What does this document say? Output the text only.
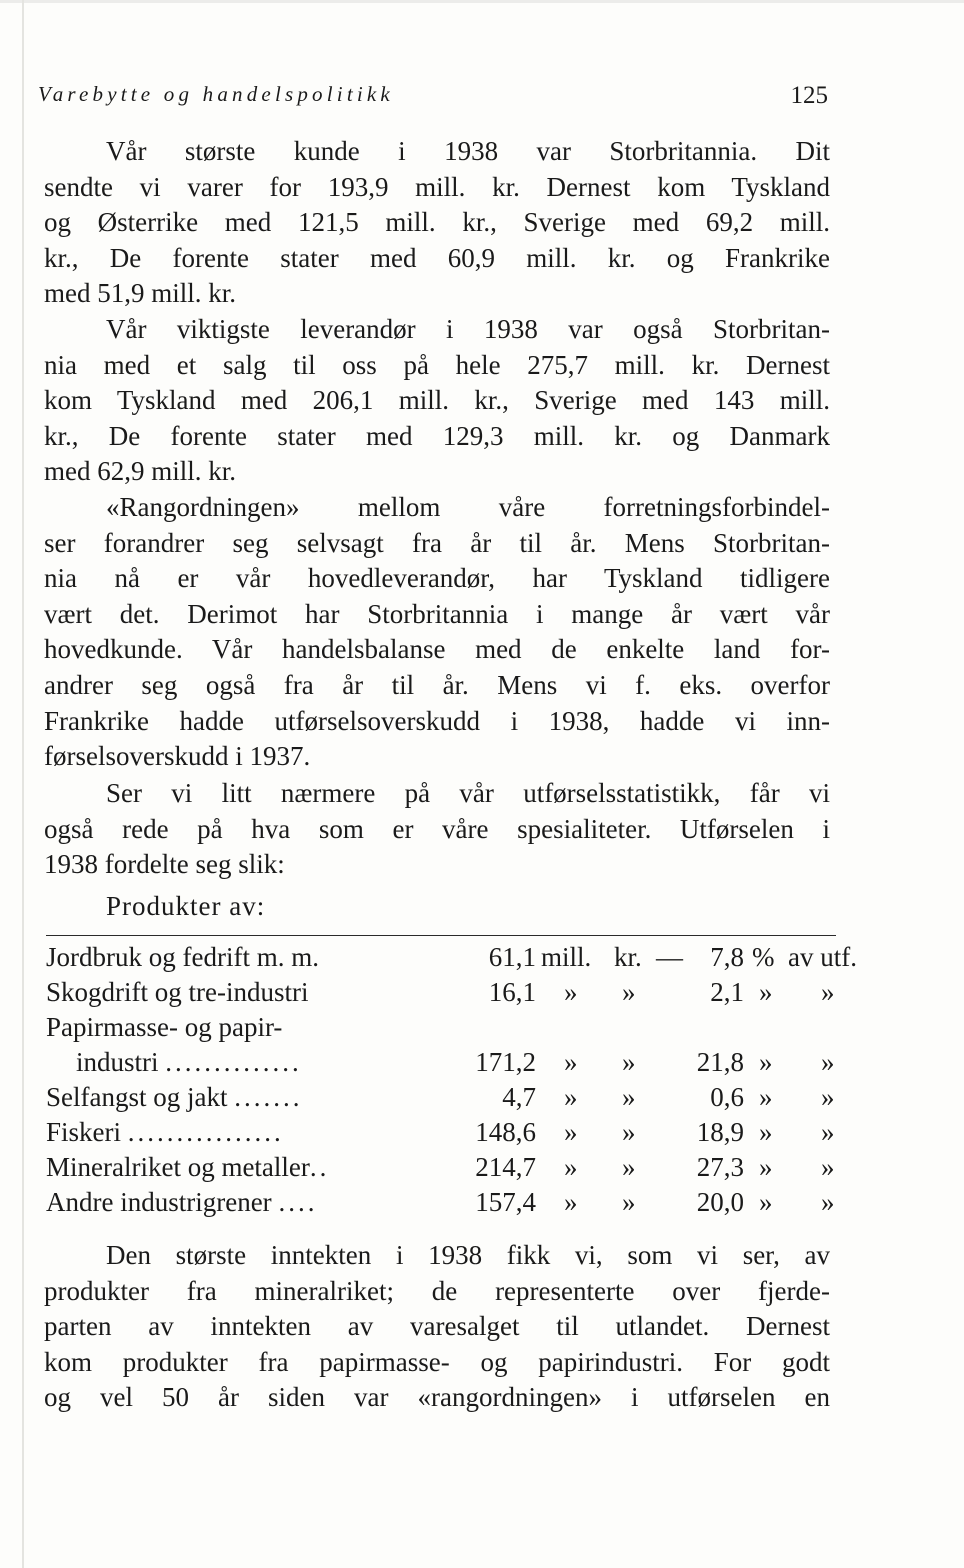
Varebytte og handelspolitikk	125
Vår største kunde i 1938 var Storbritannia. Dit
sendte vi varer for 193,9 mill. kr. Dernest kom Tyskland
og Østerrike med 121,5 mill. kr., Sverige med 69,2 mill.
kr., De forente stater med 60,9 mill. kr. og Frankrike
med 51,9 mill. kr.
Vår viktigste leverandør i 1938 var også Storbritan-
nia med et salg til oss på hele 275,7 mill. kr. Dernest
kom Tyskland med 206,1 mill. kr., Sverige med 143 mill.
kr., De forente stater med 129,3 mill. kr. og Danmark
med 62,9 mill. kr.
«Rangordningen» mellom våre forretningsforbindel-
ser forandrer seg selvsagt fra år til år. Mens Storbritan-
nia nå er vår hovedleverandør, har Tyskland tidligere
vært det. Derimot har Storbritannia i mange år vært vår
hovedkunde. Vår handelsbalanse med de enkelte land for-
andrer seg også fra år til år. Mens vi f. eks. overfor
Frankrike hadde utførselsoverskudd i 1938, hadde vi inn-
førselsoverskudd i 1937.
Ser vi litt nærmere på vår utførselsstatistikk, får vi
også rede på hva som er våre spesialiteter. Utførselen i
1938 fordelte seg slik:
Produkter av:
Jordbruk og fedrift m. m.	61,1 mill. kr. — 7,8 % av utf.
Skogdrift og tre-industri	16,1 » »	2,1 » »
Papirmasse- og papir-
industri ..............	171,2 » » 21,8 » »
Selfangst og jakt .......	4,7 » »	0,6 » »
Fiskeri ................	148,6 » » 18,9 » »
Mineralriket og metaller..	214,7 » » 27,3 » »
Andre industrigrener ....	157,4 » » 20,0 » »
Den største inntekten i 1938 fikk vi, som vi ser, av
produkter fra mineralriket; de representerte over fjerde-
parten av inntekten av varesalget til utlandet. Dernest
kom produkter fra papirmasse- og papirindustri. For godt
og vel 50 år siden var «rangordningen» i utførselen en
